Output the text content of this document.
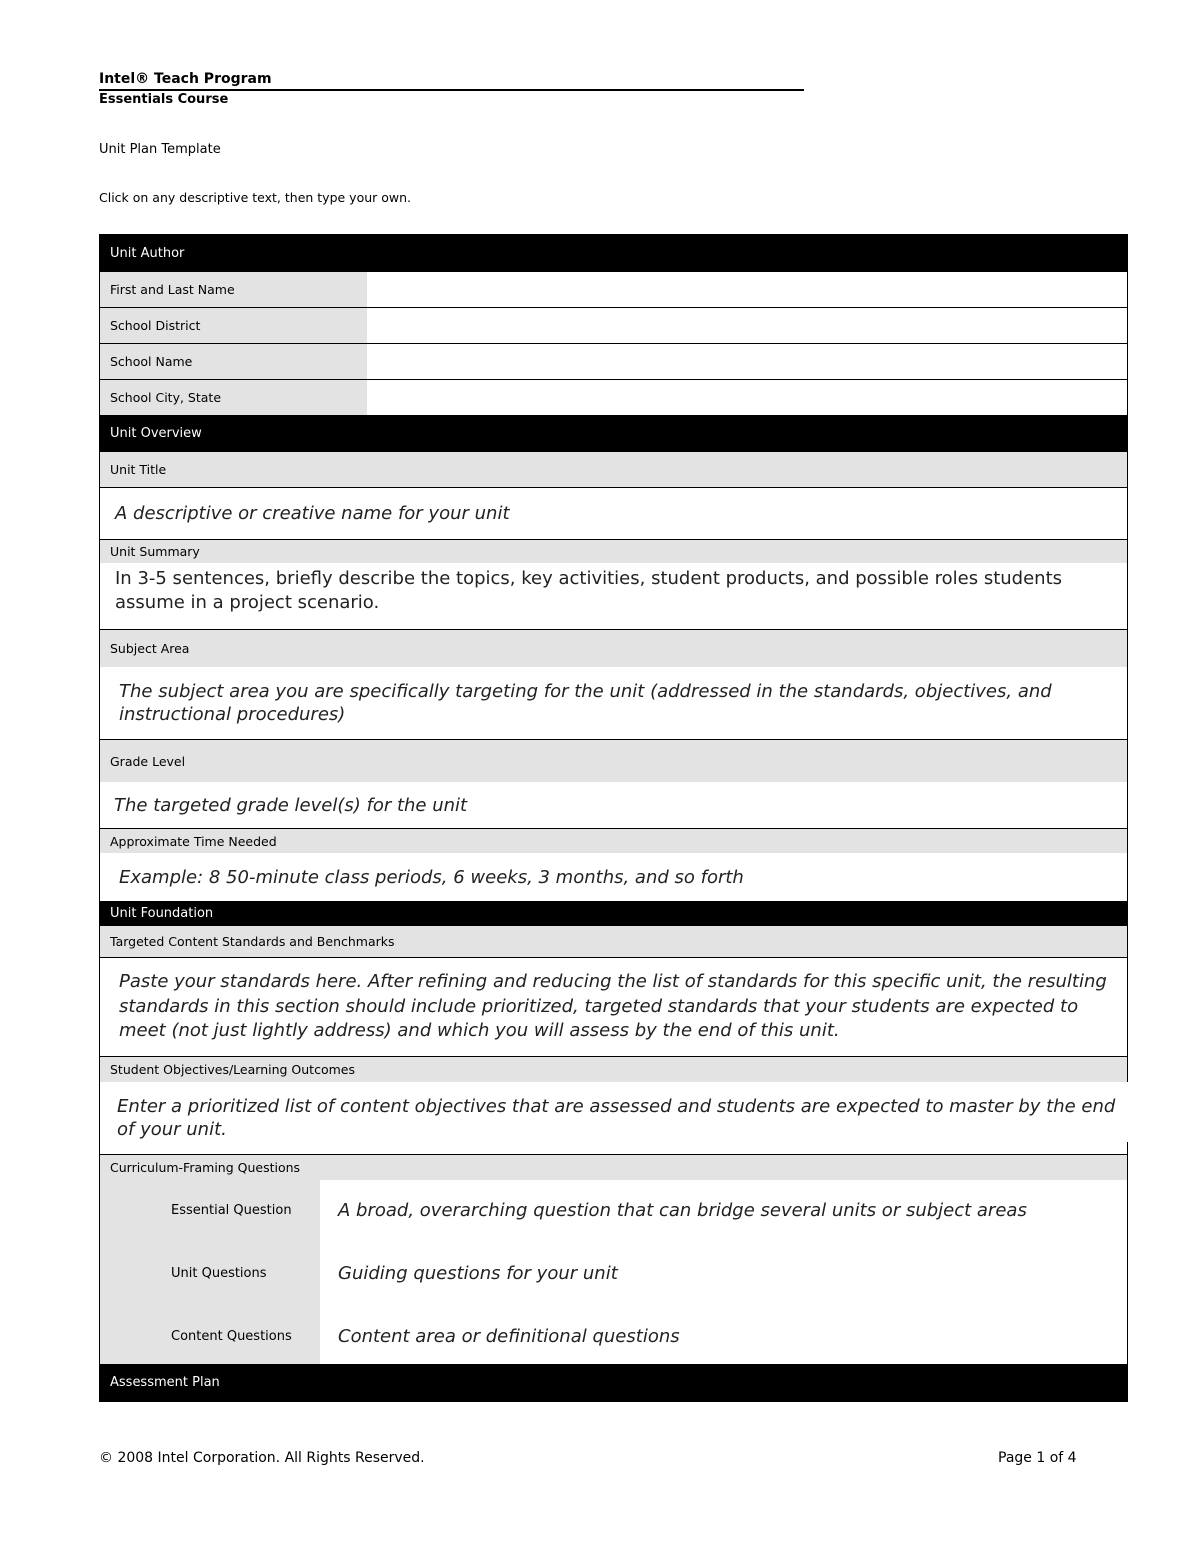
Intel® Teach Program
Essentials Course
Unit Plan Template
Click on any descriptive text, then type your own.
Unit Author
First and Last Name
School District
School Name
School City, State
Unit Overview
Unit Title
A descriptive or creative name for your unit
Unit Summary
In 3-5 sentences, briefly describe the topics, key activities, student products, and possible roles students assume in a project scenario.
Subject Area
The subject area you are specifically targeting for the unit (addressed in the standards, objectives, and instructional procedures)
Grade Level
The targeted grade level(s) for the unit
Approximate Time Needed
Example: 8 50-minute class periods, 6 weeks, 3 months, and so forth
Unit Foundation
Targeted Content Standards and Benchmarks
Paste your standards here. After refining and reducing the list of standards for this specific unit, the resulting standards in this section should include prioritized, targeted standards that your students are expected to meet (not just lightly address) and which you will assess by the end of this unit.
Student Objectives/Learning Outcomes
Enter a prioritized list of content objectives that are assessed and students are expected to master by the end of your unit.
Curriculum-Framing Questions
Essential Question	A broad, overarching question that can bridge several units or subject areas
Unit Questions	Guiding questions for your unit
Content Questions	Content area or definitional questions
Assessment Plan
© 2008 Intel Corporation. All Rights Reserved.	Page 1 of 4
